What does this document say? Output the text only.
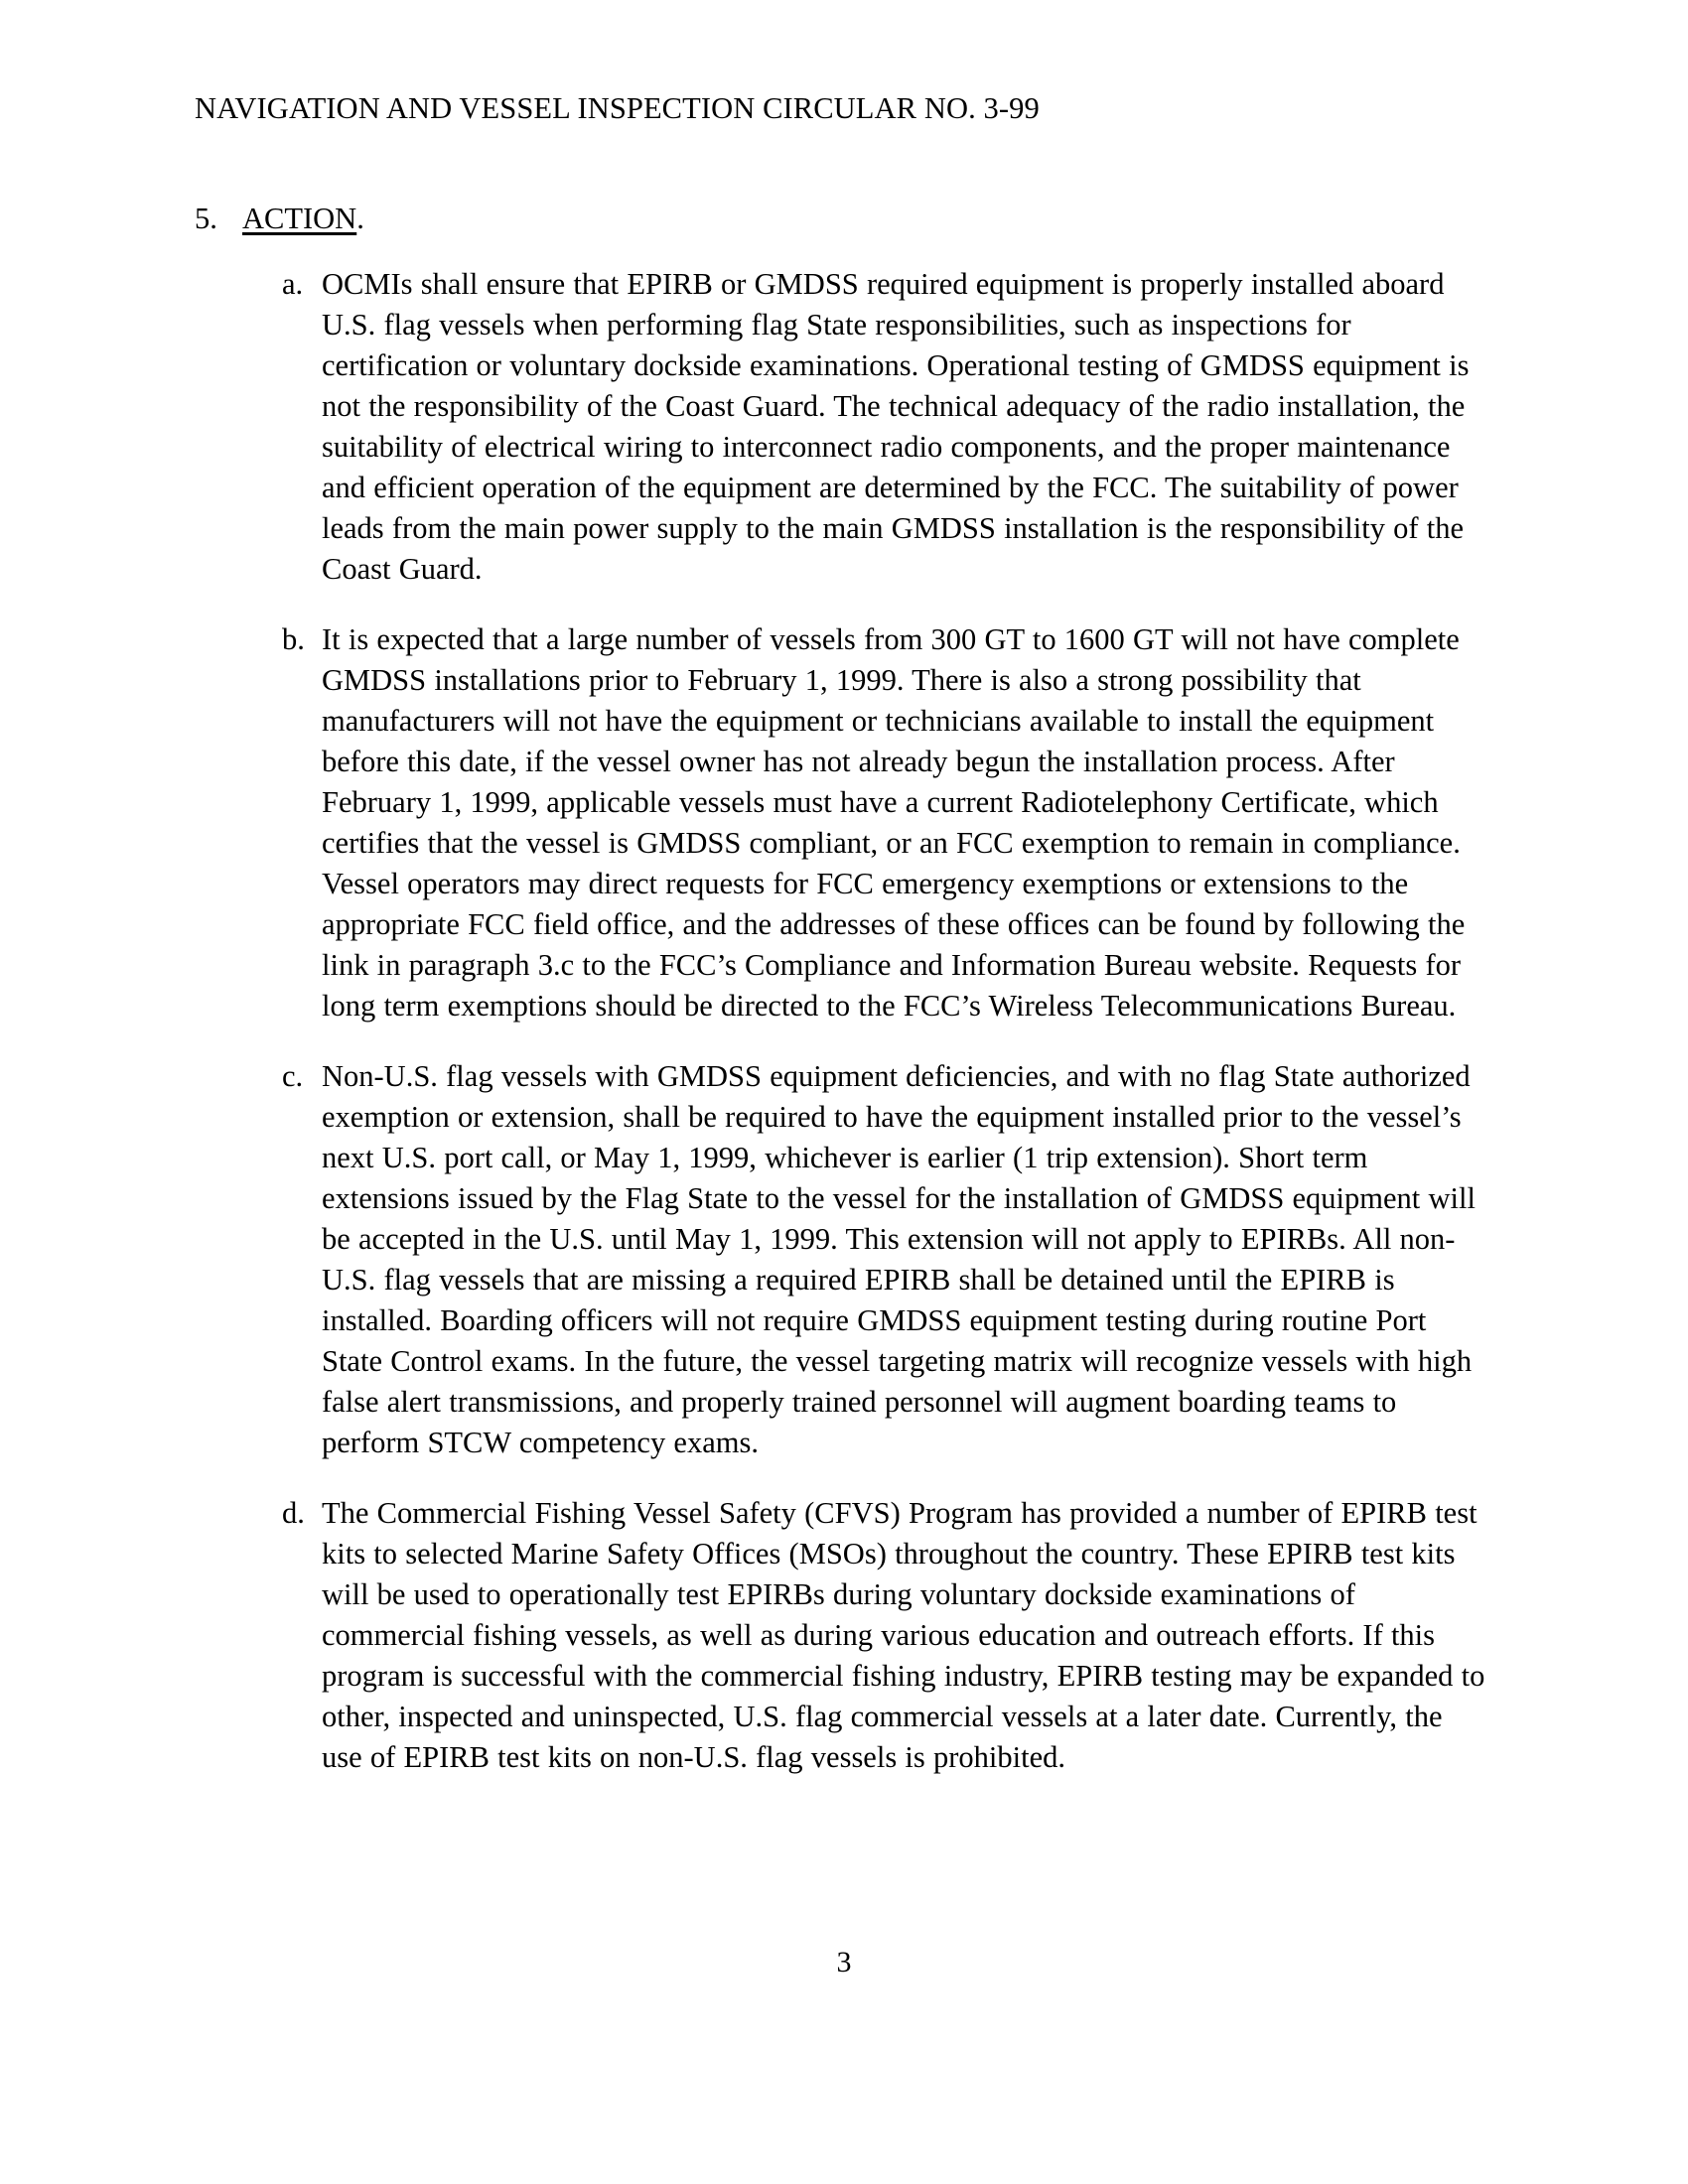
NAVIGATION AND VESSEL INSPECTION CIRCULAR NO. 3-99
5. ACTION.
a. OCMIs shall ensure that EPIRB or GMDSS required equipment is properly installed aboard U.S. flag vessels when performing flag State responsibilities, such as inspections for certification or voluntary dockside examinations. Operational testing of GMDSS equipment is not the responsibility of the Coast Guard. The technical adequacy of the radio installation, the suitability of electrical wiring to interconnect radio components, and the proper maintenance and efficient operation of the equipment are determined by the FCC. The suitability of power leads from the main power supply to the main GMDSS installation is the responsibility of the Coast Guard.
b. It is expected that a large number of vessels from 300 GT to 1600 GT will not have complete GMDSS installations prior to February 1, 1999. There is also a strong possibility that manufacturers will not have the equipment or technicians available to install the equipment before this date, if the vessel owner has not already begun the installation process. After February 1, 1999, applicable vessels must have a current Radiotelephony Certificate, which certifies that the vessel is GMDSS compliant, or an FCC exemption to remain in compliance. Vessel operators may direct requests for FCC emergency exemptions or extensions to the appropriate FCC field office, and the addresses of these offices can be found by following the link in paragraph 3.c to the FCC’s Compliance and Information Bureau website. Requests for long term exemptions should be directed to the FCC’s Wireless Telecommunications Bureau.
c. Non-U.S. flag vessels with GMDSS equipment deficiencies, and with no flag State authorized exemption or extension, shall be required to have the equipment installed prior to the vessel’s next U.S. port call, or May 1, 1999, whichever is earlier (1 trip extension). Short term extensions issued by the Flag State to the vessel for the installation of GMDSS equipment will be accepted in the U.S. until May 1, 1999. This extension will not apply to EPIRBs. All non-U.S. flag vessels that are missing a required EPIRB shall be detained until the EPIRB is installed. Boarding officers will not require GMDSS equipment testing during routine Port State Control exams. In the future, the vessel targeting matrix will recognize vessels with high false alert transmissions, and properly trained personnel will augment boarding teams to perform STCW competency exams.
d. The Commercial Fishing Vessel Safety (CFVS) Program has provided a number of EPIRB test kits to selected Marine Safety Offices (MSOs) throughout the country. These EPIRB test kits will be used to operationally test EPIRBs during voluntary dockside examinations of commercial fishing vessels, as well as during various education and outreach efforts. If this program is successful with the commercial fishing industry, EPIRB testing may be expanded to other, inspected and uninspected, U.S. flag commercial vessels at a later date. Currently, the use of EPIRB test kits on non-U.S. flag vessels is prohibited.
3
